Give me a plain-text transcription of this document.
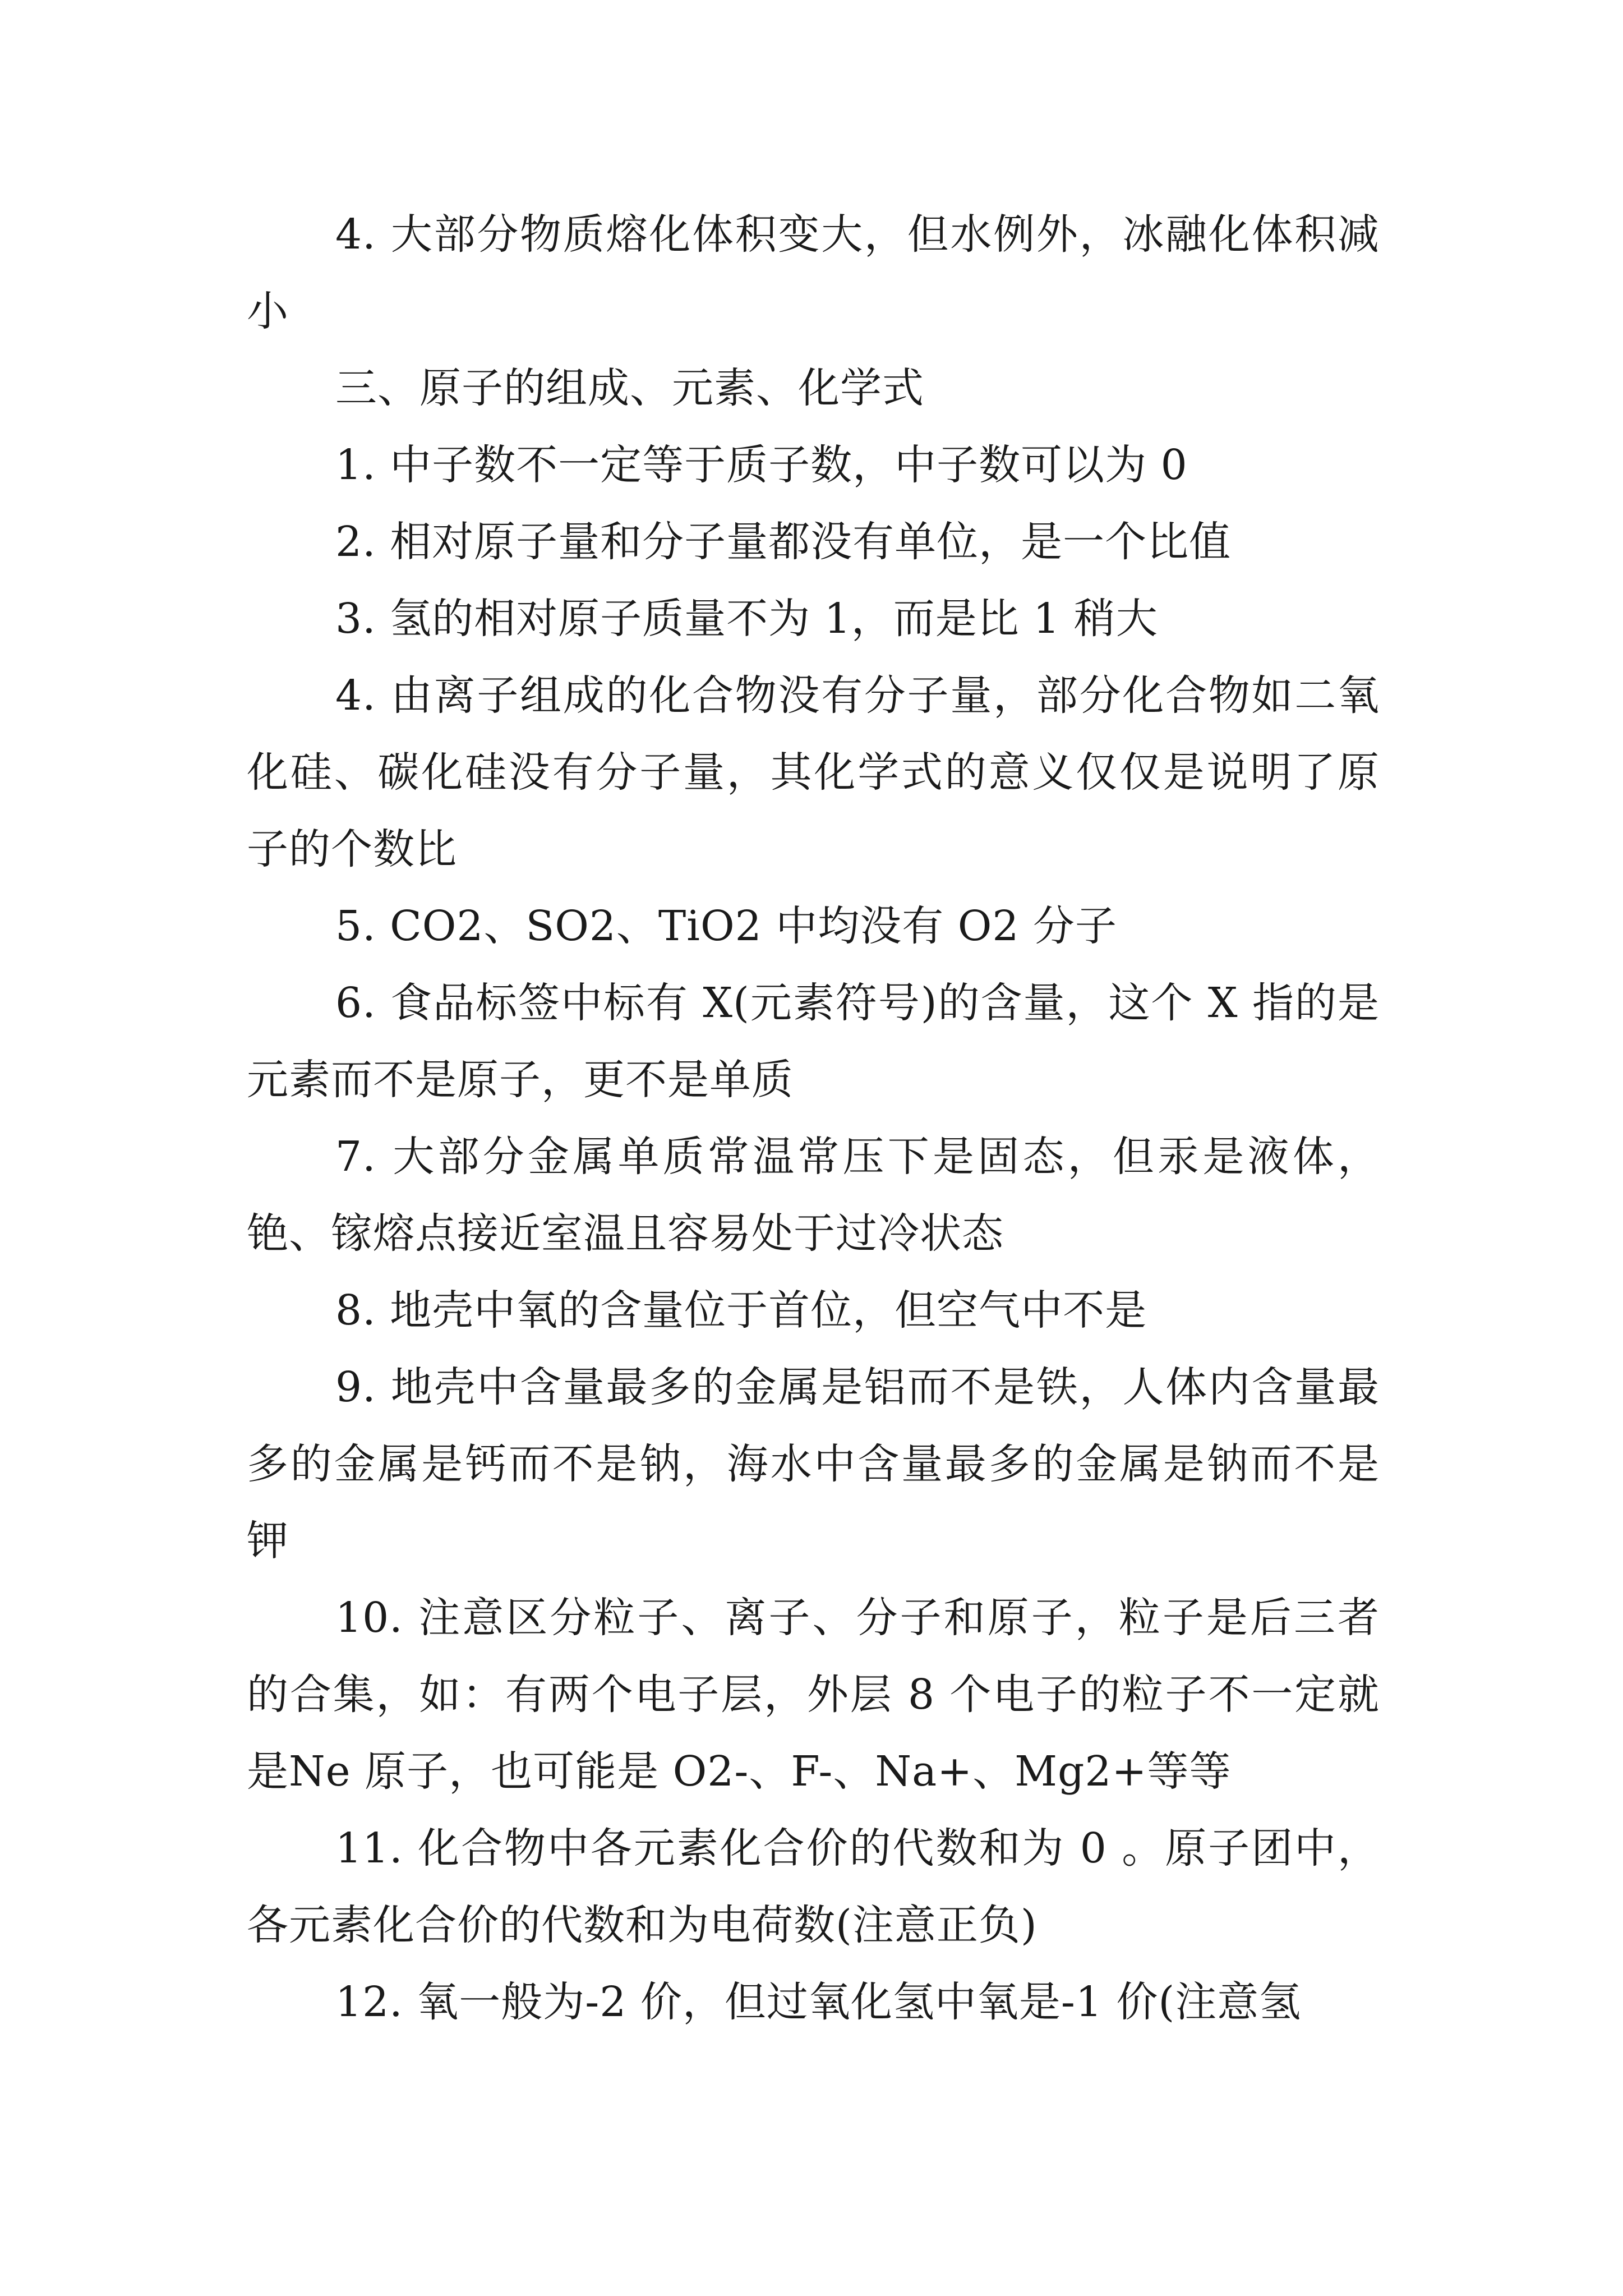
4. 大部分物质熔化体积变大，但水例外，冰融化体积减小

三、原子的组成、元素、化学式

1. 中子数不一定等于质子数，中子数可以为 0

2. 相对原子量和分子量都没有单位，是一个比值

3. 氢的相对原子质量不为 1，而是比 1 稍大

4. 由离子组成的化合物没有分子量，部分化合物如二氧化硅、碳化硅没有分子量，其化学式的意义仅仅是说明了原子的个数比

5. CO2、SO2、TiO2 中均没有 O2 分子

6. 食品标签中标有 X(元素符号)的含量，这个 X 指的是元素而不是原子，更不是单质

7. 大部分金属单质常温常压下是固态，但汞是液体，铯、镓熔点接近室温且容易处于过冷状态

8. 地壳中氧的含量位于首位，但空气中不是

9. 地壳中含量最多的金属是铝而不是铁，人体内含量最多的金属是钙而不是钠，海水中含量最多的金属是钠而不是钾

10. 注意区分粒子、离子、分子和原子，粒子是后三者的合集，如：有两个电子层，外层 8 个电子的粒子不一定就是Ne 原子，也可能是 O2-、F-、Na+、Mg2+等等

11. 化合物中各元素化合价的代数和为 0 。原子团中，各元素化合价的代数和为电荷数(注意正负)

12. 氧一般为-2 价，但过氧化氢中氧是-1 价(注意氢
